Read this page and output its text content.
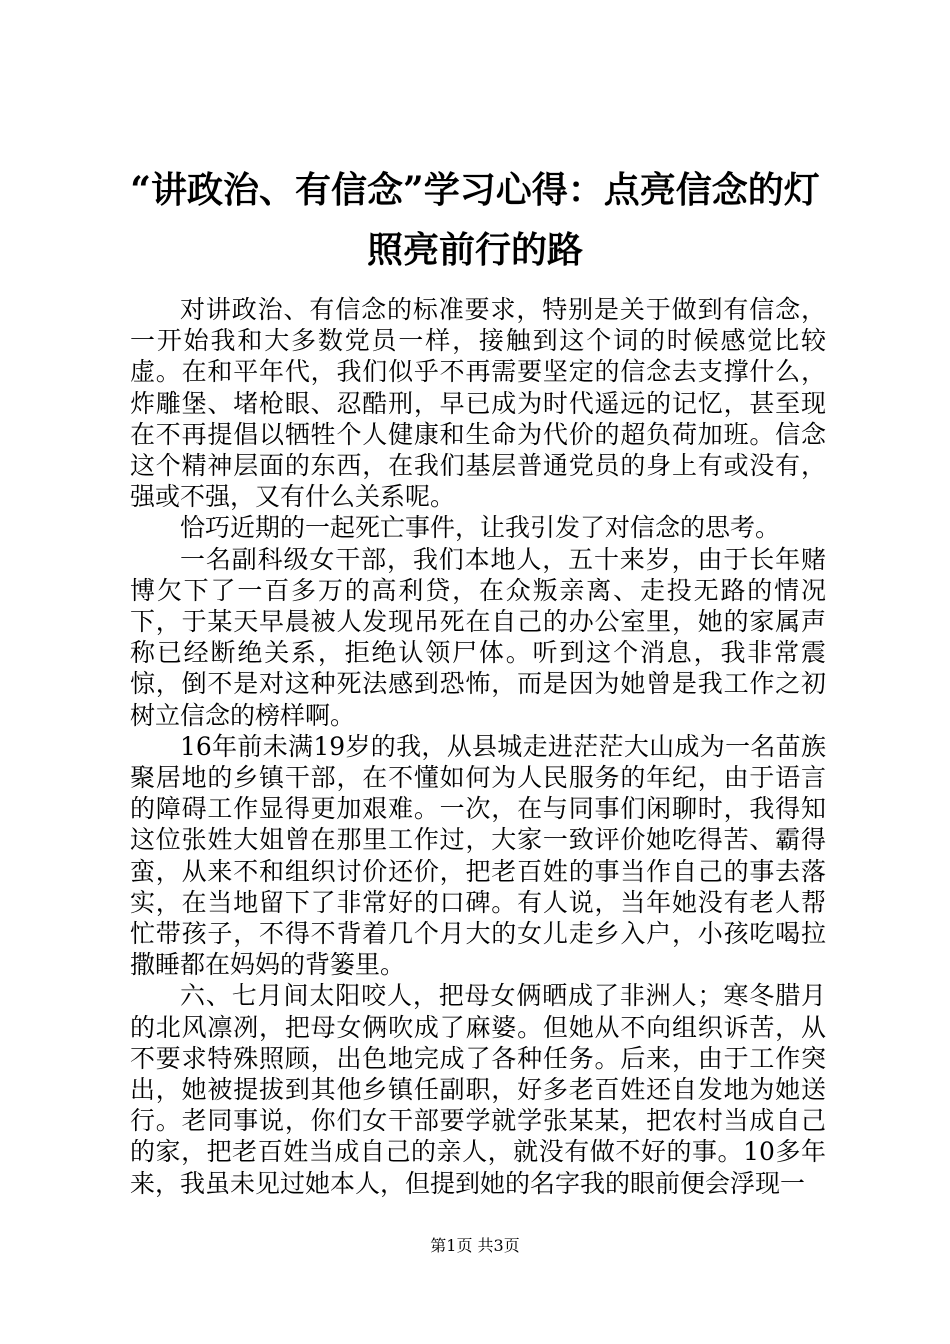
“讲政治、有信念”学习心得：点亮信念的灯
照亮前行的路

对讲政治、有信念的标准要求，特别是关于做到有信念，一开始我和大多数党员一样，接触到这个词的时候感觉比较虚。在和平年代，我们似乎不再需要坚定的信念去支撑什么，炸雕堡、堵枪眼、忍酷刑，早已成为时代遥远的记忆，甚至现在不再提倡以牺牲个人健康和生命为代价的超负荷加班。信念这个精神层面的东西，在我们基层普通党员的身上有或没有，强或不强，又有什么关系呢。

恰巧近期的一起死亡事件，让我引发了对信念的思考。

一名副科级女干部，我们本地人，五十来岁，由于长年赌博欠下了一百多万的高利贷，在众叛亲离、走投无路的情况下，于某天早晨被人发现吊死在自己的办公室里，她的家属声称已经断绝关系，拒绝认领尸体。听到这个消息，我非常震惊，倒不是对这种死法感到恐怖，而是因为她曾是我工作之初树立信念的榜样啊。

16年前未满19岁的我，从县城走进茫茫大山成为一名苗族聚居地的乡镇干部，在不懂如何为人民服务的年纪，由于语言的障碍工作显得更加艰难。一次，在与同事们闲聊时，我得知这位张姓大姐曾在那里工作过，大家一致评价她吃得苦、霸得蛮，从来不和组织讨价还价，把老百姓的事当作自己的事去落实，在当地留下了非常好的口碑。有人说，当年她没有老人帮忙带孩子，不得不背着几个月大的女儿走乡入户，小孩吃喝拉撒睡都在妈妈的背篓里。

六、七月间太阳咬人，把母女俩晒成了非洲人；寒冬腊月的北风凛冽，把母女俩吹成了麻婆。但她从不向组织诉苦，从不要求特殊照顾，出色地完成了各种任务。后来，由于工作突出，她被提拔到其他乡镇任副职，好多老百姓还自发地为她送行。老同事说，你们女干部要学就学张某某，把农村当成自己的家，把老百姓当成自己的亲人，就没有做不好的事。10多年来，我虽未见过她本人，但提到她的名字我的眼前便会浮现一

第1页 共3页
